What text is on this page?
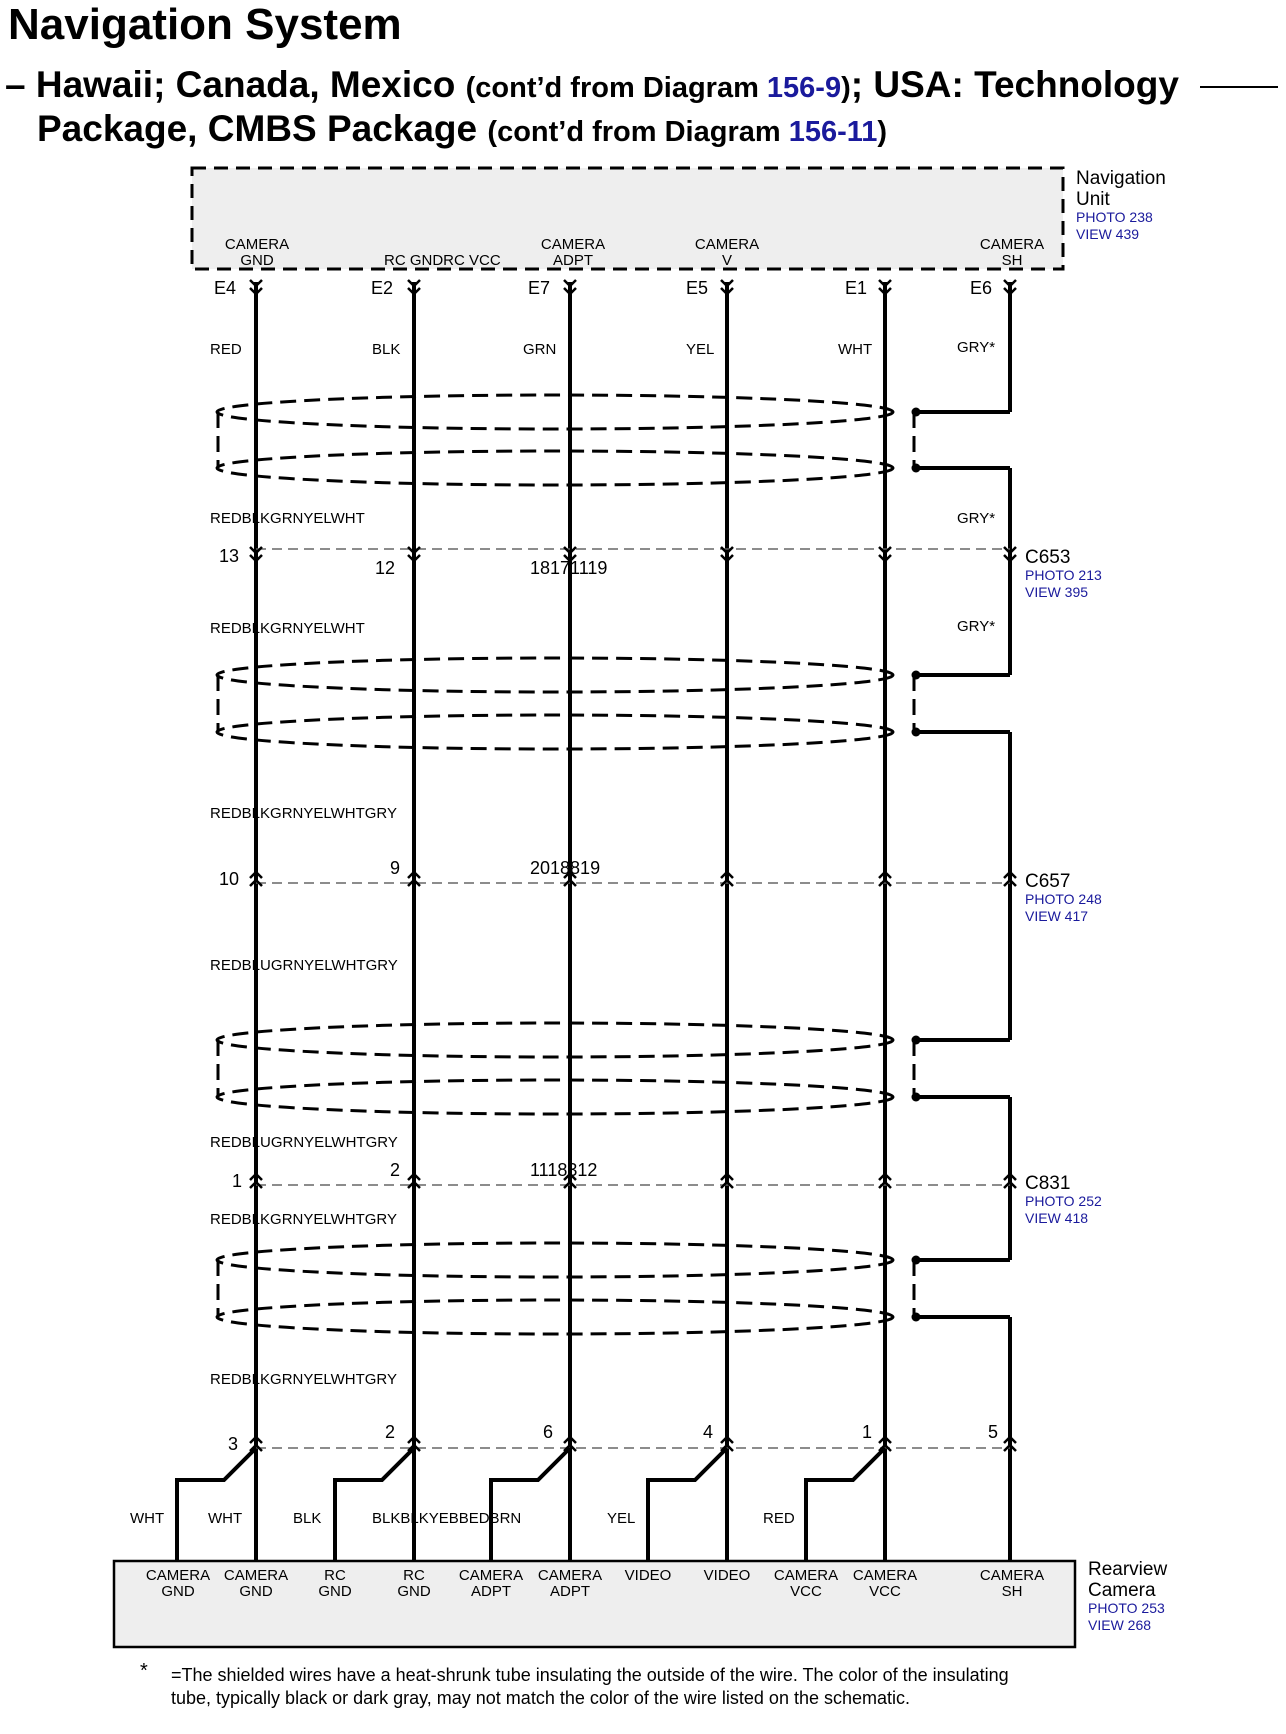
Navigation System
– Hawaii; Canada, Mexico (cont’d from Diagram 156-9); USA: Technology
Package, CMBS Package (cont’d from Diagram 156-11)
CAMERA
GND	RC GNDRC VCC
CAMERA
ADPT
CAMERA
V
CAMERA
SH
Navigation
Unit
PHOTO 238
VIEW 439
E4	E2	E7	E5	E1	E6
RED	BLK	GRN	YEL	WHT	GRY*
REDBLKGRNYELWHT	GRY*
REDBLKGRNYELWHT	GRY*
REDBLKGRNYELWHTGRY
REDBLUGRNYELWHTGRY
REDBLUGRNYELWHTGRY
REDBLKGRNYELWHTGRY
REDBLKGRNYELWHTGRY
13
12	18171119	C653
PHOTO 213
VIEW 395
10
9	2018819
C657
PHOTO 248
VIEW 417
1
2	1118312
C831
PHOTO 252
VIEW 418
3
2	6	4	1	5
WHT	WHT	BLK	BLKBLKYEBBEDBRN	YEL	RED
CAMERA
GND
CAMERA
GND
RC
GND
RC
GND
CAMERA
ADPT
CAMERA
ADPT
VIDEO VIDEO CAMERA
VCC
CAMERA
VCC
CAMERA
SH
Rearview
Camera
PHOTO 253
VIEW 268
* =The shielded wires have a heat-shrunk tube insulating the outside of the wire. The color of the insulating tube, typically black or dark gray, may not match the color of the wire listed on the schematic.
